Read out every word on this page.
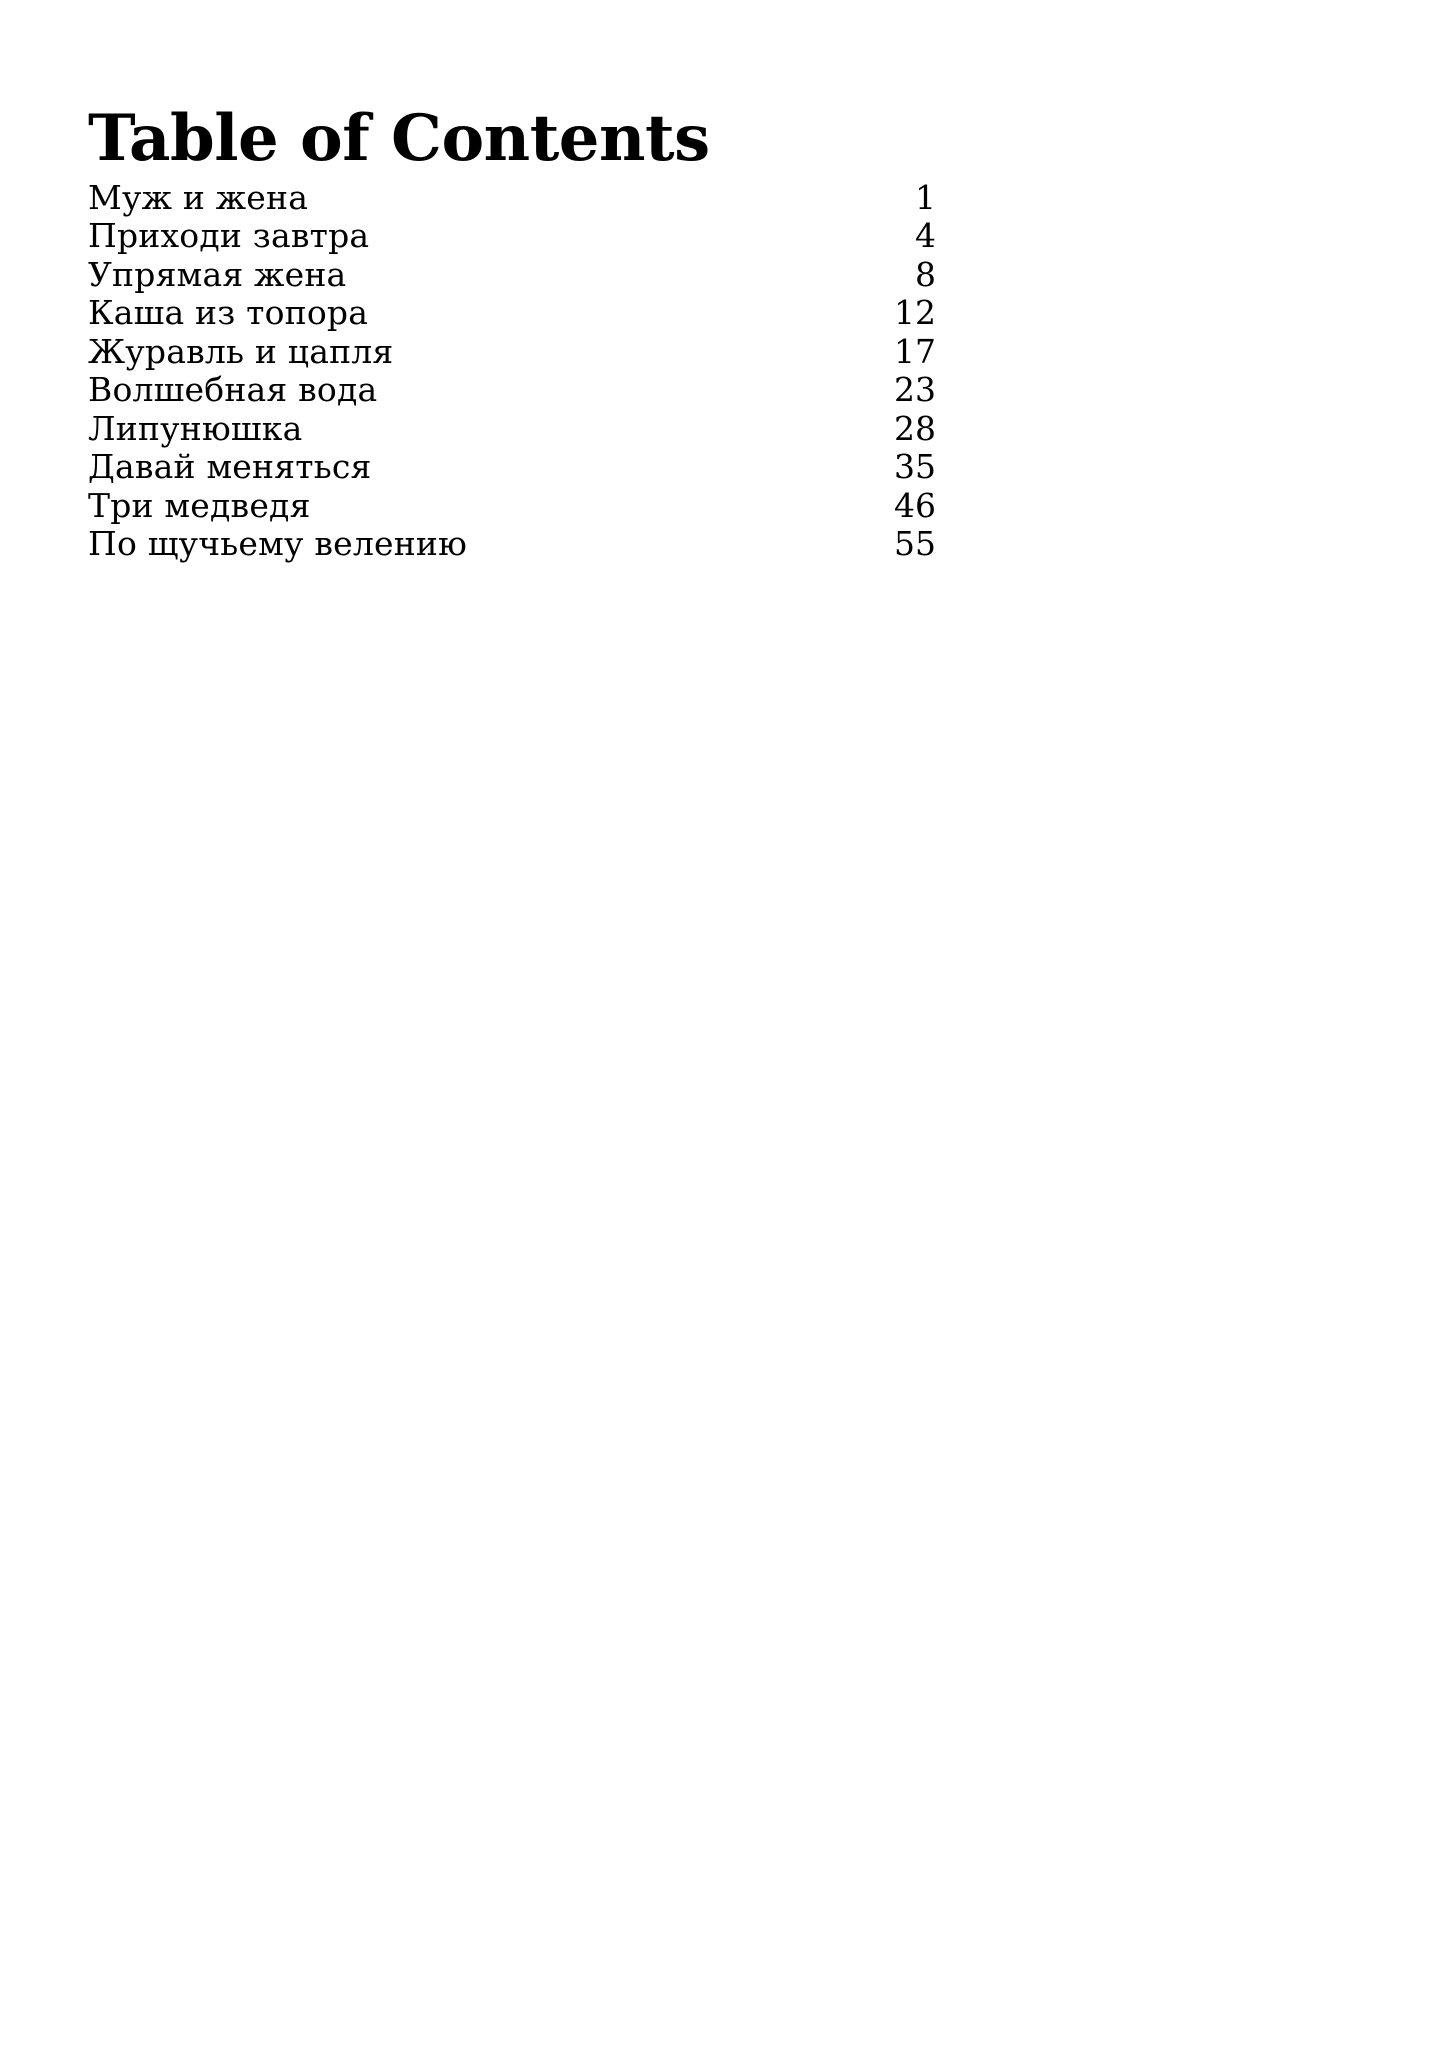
Table of Contents
Муж и жена	1
Приходи завтра	4
Упрямая жена	8
Каша из топора	12
Журавль и цапля	17
Волшебная вода	23
Липунюшка	28
Давай меняться	35
Три медведя	46
По щучьему велению	55
